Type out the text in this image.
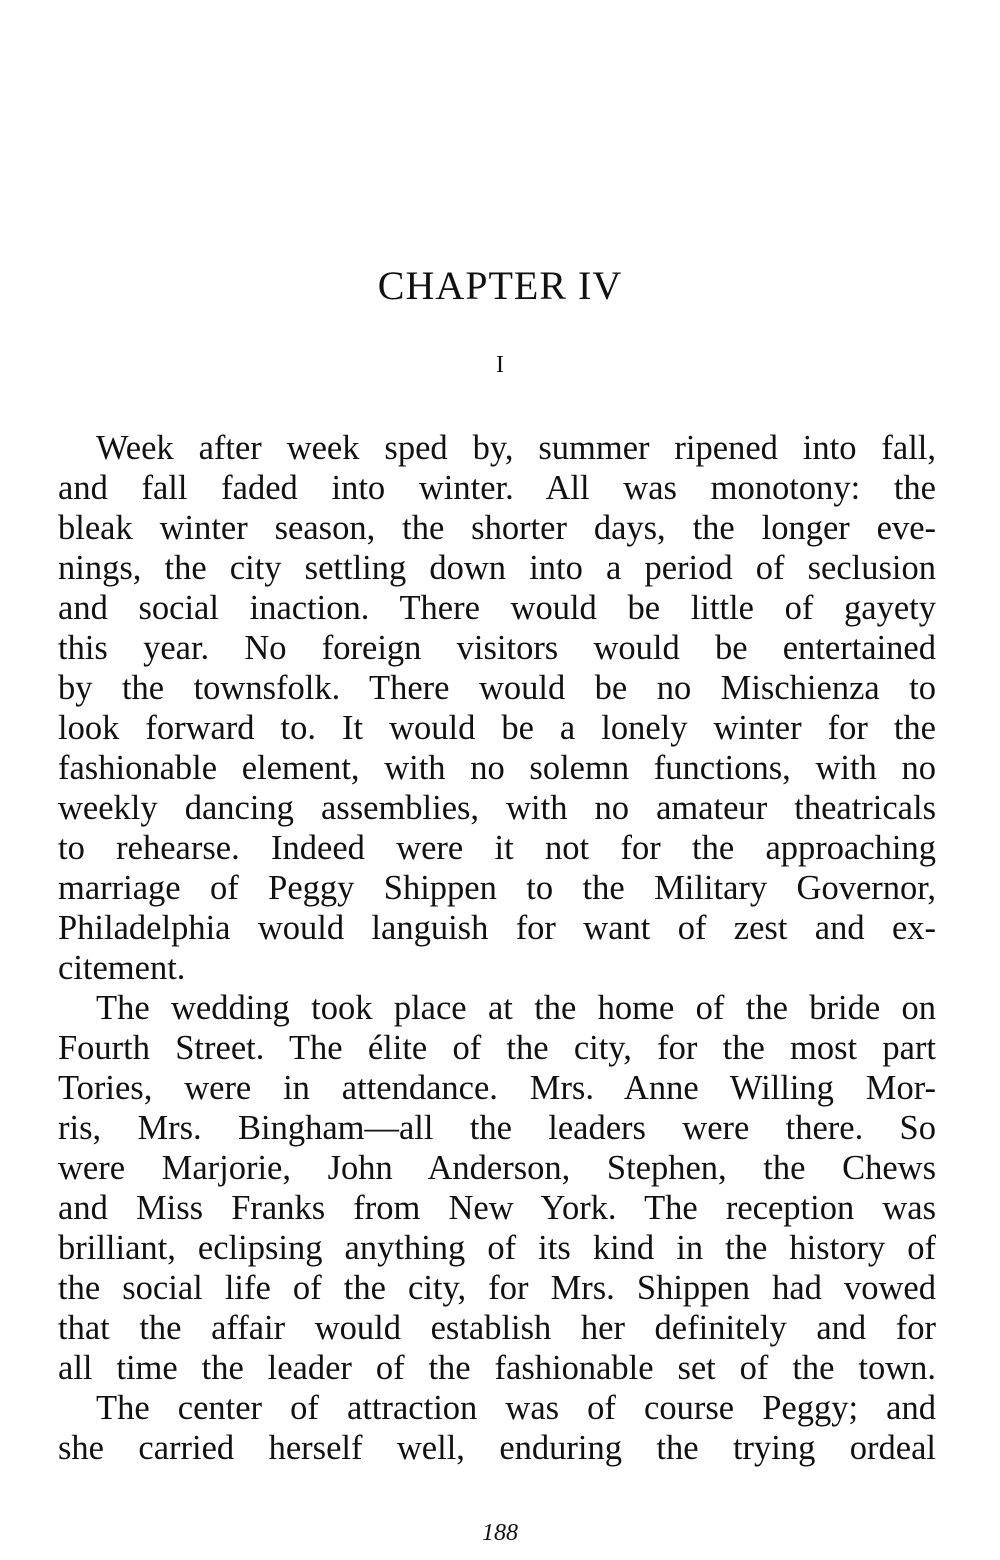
CHAPTER IV
I
Week after week sped by, summer ripened into fall,
and fall faded into winter. All was monotony: the
bleak winter season, the shorter days, the longer eve-
nings, the city settling down into a period of seclusion
and social inaction. There would be little of gayety
this year. No foreign visitors would be entertained
by the townsfolk. There would be no Mischienza to
look forward to. It would be a lonely winter for the
fashionable element, with no solemn functions, with no
weekly dancing assemblies, with no amateur theatricals
to rehearse. Indeed were it not for the approaching
marriage of Peggy Shippen to the Military Governor,
Philadelphia would languish for want of zest and ex-
citement.
The wedding took place at the home of the bride on
Fourth Street. The élite of the city, for the most part
Tories, were in attendance. Mrs. Anne Willing Mor-
ris, Mrs. Bingham—all the leaders were there. So
were Marjorie, John Anderson, Stephen, the Chews
and Miss Franks from New York. The reception was
brilliant, eclipsing anything of its kind in the history of
the social life of the city, for Mrs. Shippen had vowed
that the affair would establish her definitely and for
all time the leader of the fashionable set of the town.
The center of attraction was of course Peggy; and
she carried herself well, enduring the trying ordeal
188
